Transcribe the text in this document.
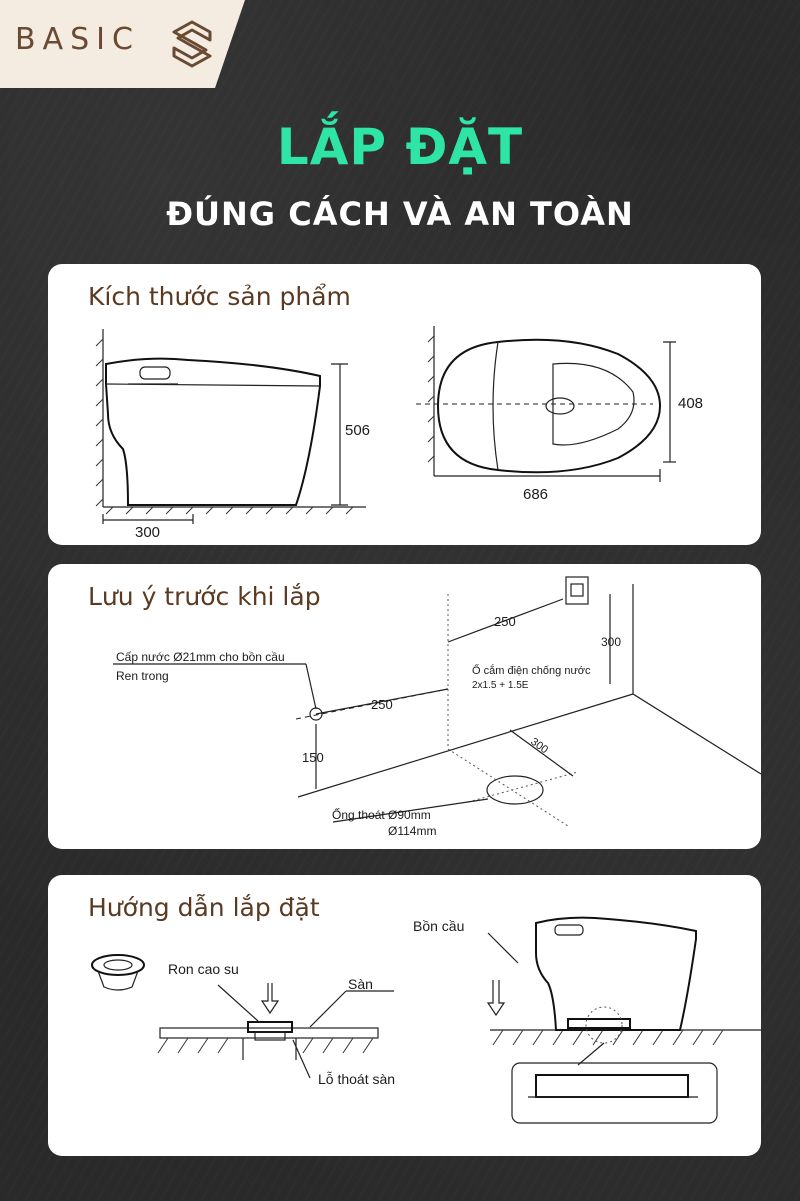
BASIC
LẮP ĐẶT
ĐÚNG CÁCH VÀ AN TOÀN
Kích thước sản phẩm
506
300
686
408
Lưu ý trước khi lắp
Cấp nước Ø21mm cho bồn cầu
Ren trong	Ổ cắm điện chống nước
2x1.5 + 1.5E
250
250
300
150
300
Ống thoát Ø90mm
Ø114mm
Hướng dẫn lắp đặt
Ron cao su
Sàn
Lỗ thoát sàn
Bồn cầu
